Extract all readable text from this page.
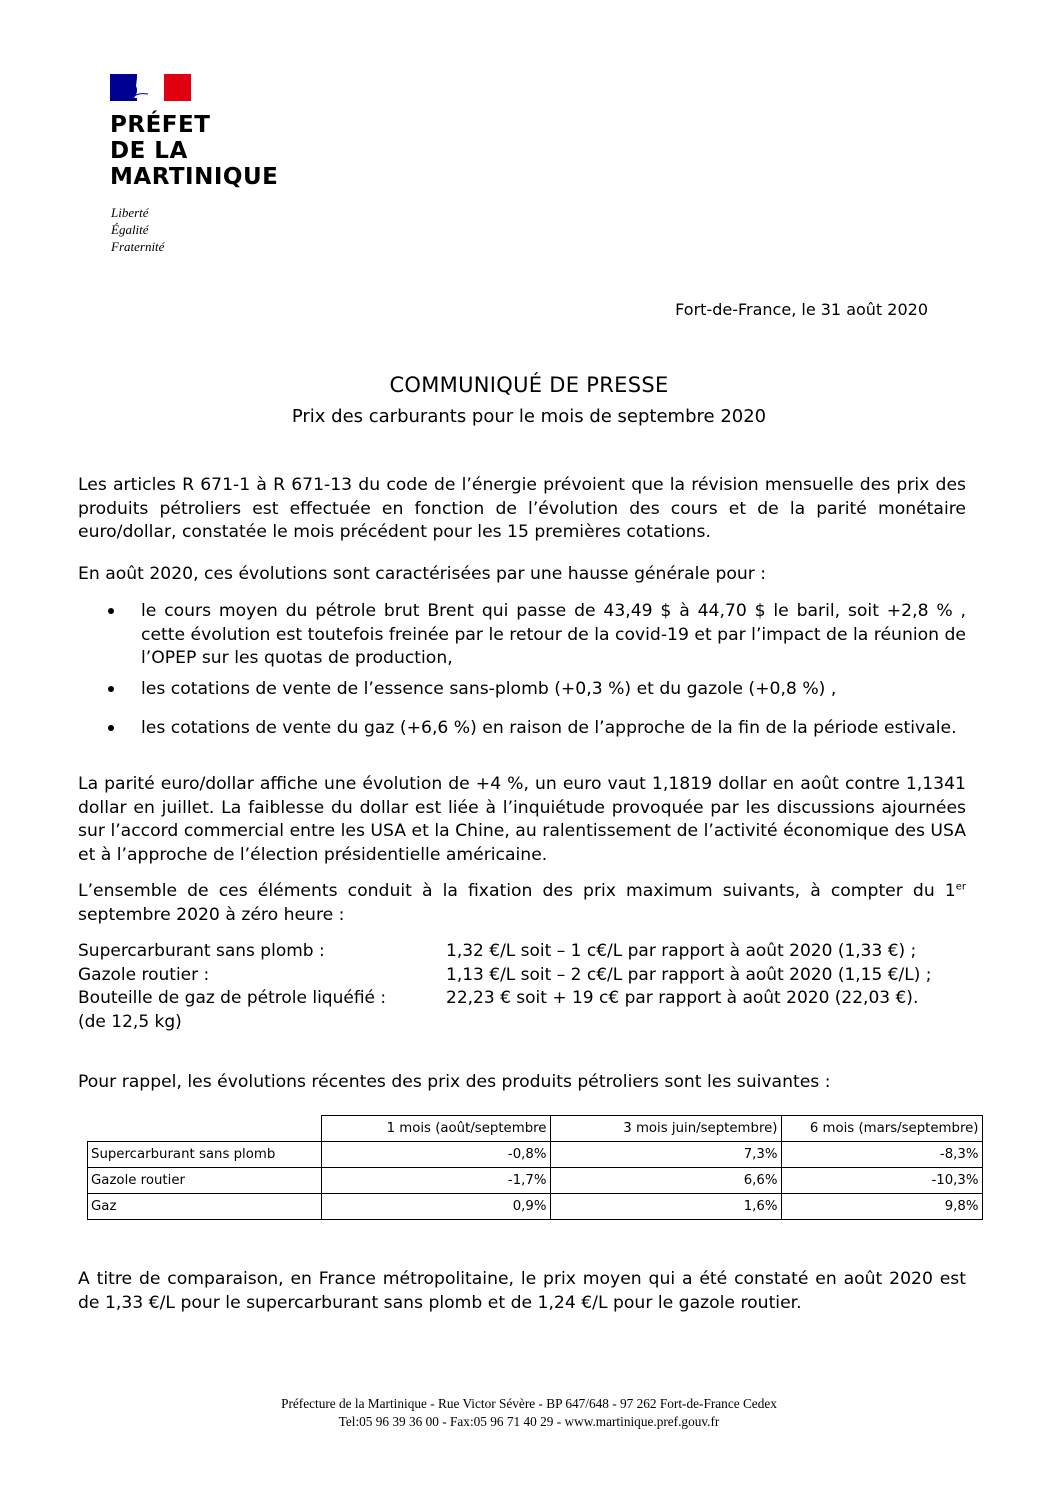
PRÉFET
DE LA
MARTINIQUE
Liberté
Égalité
Fraternité
Fort-de-France, le 31 août 2020
COMMUNIQUÉ DE PRESSE
Prix des carburants pour le mois de septembre 2020
Les articles R 671-1 à R 671-13 du code de l’énergie prévoient que la révision mensuelle des prix des produits pétroliers est effectuée en fonction de l’évolution des cours et de la parité monétaire euro/dollar, constatée le mois précédent pour les 15 premières cotations.
En août 2020, ces évolutions sont caractérisées par une hausse générale pour :
le cours moyen du pétrole brut Brent qui passe de 43,49 $ à 44,70 $ le baril, soit +2,8 % , cette évolution est toutefois freinée par le retour de la covid-19 et par l’impact de la réunion de l’OPEP sur les quotas de production,
les cotations de vente de l’essence sans-plomb (+0,3 %) et du gazole (+0,8 %) ,
les cotations de vente du gaz (+6,6 %) en raison de l’approche de la fin de la période estivale.
La parité euro/dollar affiche une évolution de +4 %, un euro vaut 1,1819 dollar en août contre 1,1341 dollar en juillet. La faiblesse du dollar est liée à l’inquiétude provoquée par les discussions ajournées sur l’accord commercial entre les USA et la Chine, au ralentissement de l’activité économique des USA et à l’approche de l’élection présidentielle américaine.
L’ensemble de ces éléments conduit à la fixation des prix maximum suivants, à compter du 1er septembre 2020 à zéro heure :
Supercarburant sans plomb :	1,32 €/L soit – 1 c€/L par rapport à août 2020 (1,33 €) ;
Gazole routier :	1,13 €/L soit – 2 c€/L par rapport à août 2020 (1,15 €/L) ;
Bouteille de gaz de pétrole liquéfié :	22,23 € soit + 19 c€ par rapport à août 2020 (22,03 €).
(de 12,5 kg)
Pour rappel, les évolutions récentes des prix des produits pétroliers sont les suivantes :
	1 mois (août/septembre	3 mois juin/septembre)	6 mois (mars/septembre)
Supercarburant sans plomb	-0,8%	7,3%	-8,3%
Gazole routier	-1,7%	6,6%	-10,3%
Gaz	0,9%	1,6%	9,8%
A titre de comparaison, en France métropolitaine, le prix moyen qui a été constaté en août 2020 est de 1,33 €/L pour le supercarburant sans plomb et de 1,24 €/L pour le gazole routier.
Préfecture de la Martinique - Rue Victor Sévère - BP 647/648 - 97 262 Fort-de-France Cedex
Tel:05 96 39 36 00 - Fax:05 96 71 40 29 - www.martinique.pref.gouv.fr
